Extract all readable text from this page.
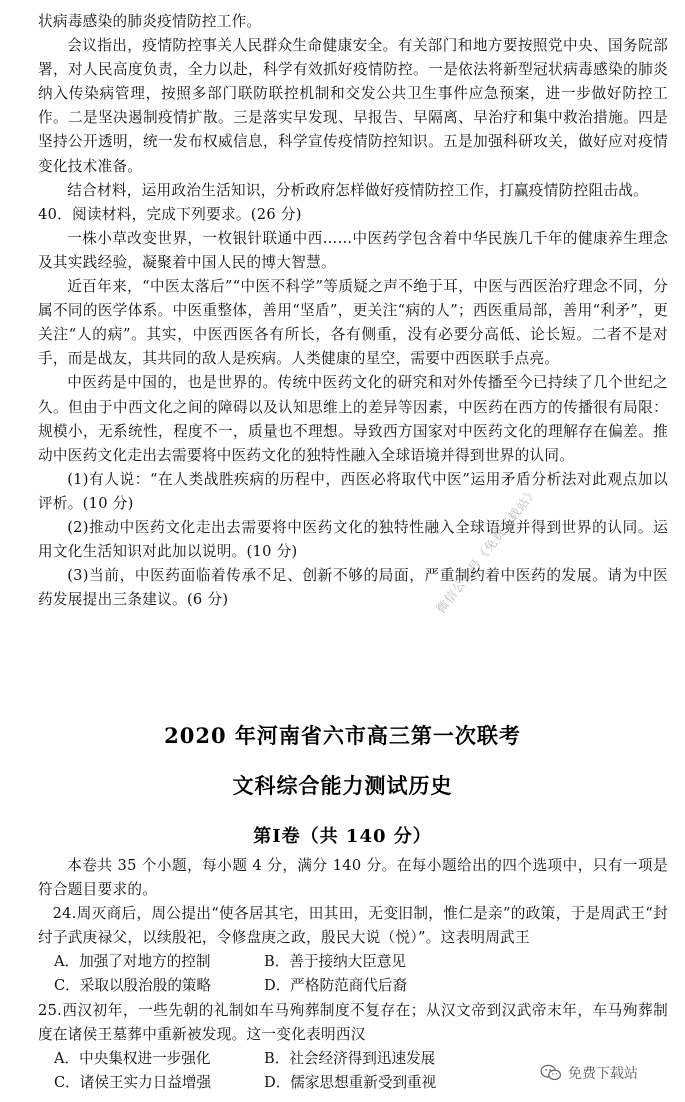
状病毒感染的肺炎疫情防控工作。

会议指出，疫情防控事关人民群众生命健康安全。有关部门和地方要按照党中央、国务院部署，对人民高度负责，全力以赴，科学有效抓好疫情防控。一是依法将新型冠状病毒感染的肺炎纳入传染病管理，按照多部门联防联控机制和交发公共卫生事件应急预案，进一步做好防控工作。二是坚决遏制疫情扩散。三是落实早发现、早报告、早隔离、早治疗和集中救治措施。四是坚持公开透明，统一发布权威信息，科学宣传疫情防控知识。五是加强科研攻关，做好应对疫情变化技术准备。

结合材料，运用政治生活知识，分析政府怎样做好疫情防控工作，打赢疫情防控阻击战。

40．阅读材料，完成下列要求。(26 分)

一株小草改变世界，一枚银针联通中西……中医药学包含着中华民族几千年的健康养生理念及其实践经验，凝聚着中国人民的博大智慧。

近百年来，“中医太落后”“中医不科学”等质疑之声不绝于耳，中医与西医治疗理念不同，分属不同的医学体系。中医重整体，善用“坚盾”，更关注“病的人”；西医重局部，善用“利矛”，更关注“人的病”。其实，中医西医各有所长，各有侧重，没有必要分高低、论长短。二者不是对手，而是战友，其共同的敌人是疾病。人类健康的星空，需要中西医联手点亮。

中医药是中国的，也是世界的。传统中医药文化的研究和对外传播至今已持续了几个世纪之久。但由于中西文化之间的障碍以及认知思维上的差异等因素，中医药在西方的传播很有局限：规模小，无系统性，程度不一，质量也不理想。导致西方国家对中医药文化的理解存在偏差。推动中医药文化走出去需要将中医药文化的独特性融入全球语境并得到世界的认同。

(1)有人说：“在人类战胜疾病的历程中，西医必将取代中医”运用矛盾分析法对此观点加以评析。(10 分)

(2)推动中医药文化走出去需要将中医药文化的独特性融入全球语境并得到世界的认同。运用文化生活知识对此加以说明。(10 分)

(3)当前，中医药面临着传承不足、创新不够的局面，严重制约着中医药的发展。请为中医药发展提出三条建议。(6 分)

2020 年河南省六市高三第一次联考
文科综合能力测试历史
第Ⅰ卷（共 140 分）

本卷共 35 个小题，每小题 4 分，满分 140 分。在每小题给出的四个选项中，只有一项是符合题目要求的。

24.周灭商后，周公提出“使各居其宅，田其田，无变旧制，惟仁是亲”的政策，于是周武王“封纣子武庚禄父，以续殷祀，令修盘庚之政，殷民大说（悦）”。这表明周武王

A．加强了对地方的控制	B．善于接纳大臣意见
C．采取以殷治殷的策略	D．严格防范商代后裔

25.西汉初年，一些先朝的礼制如车马殉葬制度不复存在；从汉文帝到汉武帝末年，车马殉葬制度在诸侯王墓葬中重新被发现。这一变化表明西汉

A．中央集权进一步强化	B．社会经济得到迅速发展
C．诸侯王实力日益增强	D．儒家思想重新受到重视
微信公众号《免费下载站》
免费下载站
